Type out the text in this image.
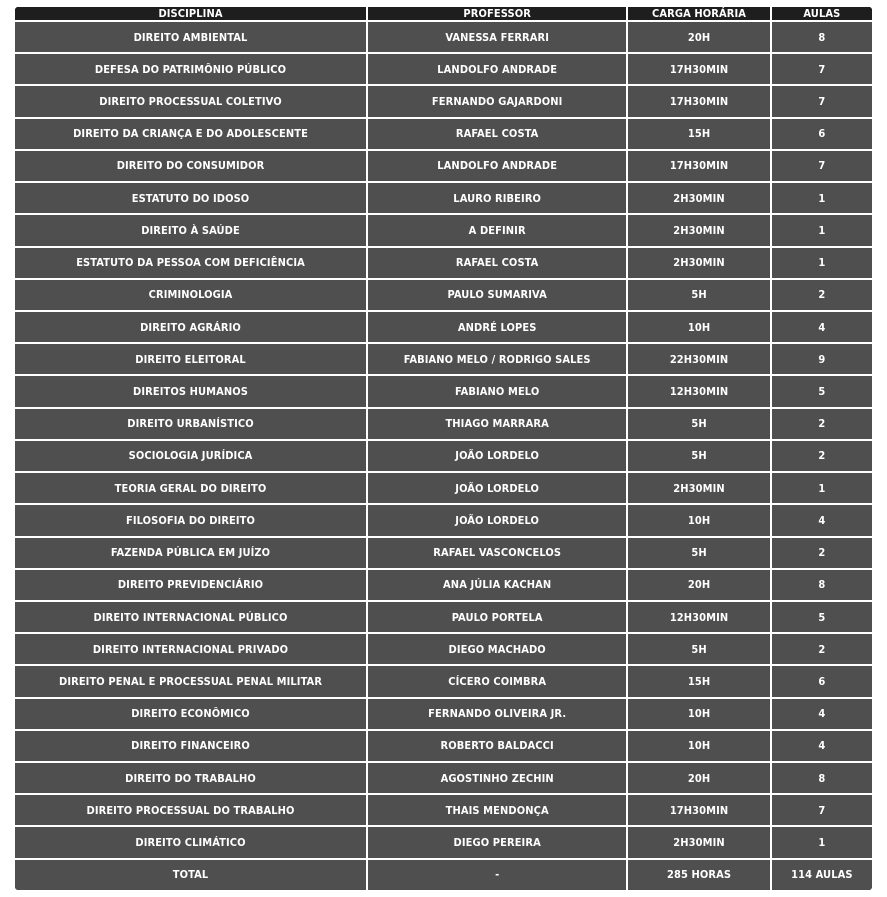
DISCIPLINA	PROFESSOR	CARGA HORÁRIA	AULAS
DIREITO AMBIENTAL	VANESSA FERRARI	20H	8
DEFESA DO PATRIMÔNIO PÚBLICO	LANDOLFO ANDRADE	17H30MIN	7
DIREITO PROCESSUAL COLETIVO	FERNANDO GAJARDONI	17H30MIN	7
DIREITO DA CRIANÇA E DO ADOLESCENTE	RAFAEL COSTA	15H	6
DIREITO DO CONSUMIDOR	LANDOLFO ANDRADE	17H30MIN	7
ESTATUTO DO IDOSO	LAURO RIBEIRO	2H30MIN	1
DIREITO À SAÚDE	A DEFINIR	2H30MIN	1
ESTATUTO DA PESSOA COM DEFICIÊNCIA	RAFAEL COSTA	2H30MIN	1
CRIMINOLOGIA	PAULO SUMARIVA	5H	2
DIREITO AGRÁRIO	ANDRÉ LOPES	10H	4
DIREITO ELEITORAL	FABIANO MELO / RODRIGO SALES	22H30MIN	9
DIREITOS HUMANOS	FABIANO MELO	12H30MIN	5
DIREITO URBANÍSTICO	THIAGO MARRARA	5H	2
SOCIOLOGIA JURÍDICA	JOÃO LORDELO	5H	2
TEORIA GERAL DO DIREITO	JOÃO LORDELO	2H30MIN	1
FILOSOFIA DO DIREITO	JOÃO LORDELO	10H	4
FAZENDA PÚBLICA EM JUÍZO	RAFAEL VASCONCELOS	5H	2
DIREITO PREVIDENCIÁRIO	ANA JÚLIA KACHAN	20H	8
DIREITO INTERNACIONAL PÚBLICO	PAULO PORTELA	12H30MIN	5
DIREITO INTERNACIONAL PRIVADO	DIEGO MACHADO	5H	2
DIREITO PENAL E PROCESSUAL PENAL MILITAR	CÍCERO COIMBRA	15H	6
DIREITO ECONÔMICO	FERNANDO OLIVEIRA JR.	10H	4
DIREITO FINANCEIRO	ROBERTO BALDACCI	10H	4
DIREITO DO TRABALHO	AGOSTINHO ZECHIN	20H	8
DIREITO PROCESSUAL DO TRABALHO	THAIS MENDONÇA	17H30MIN	7
DIREITO CLIMÁTICO	DIEGO PEREIRA	2H30MIN	1
TOTAL	-	285 HORAS	114 AULAS
